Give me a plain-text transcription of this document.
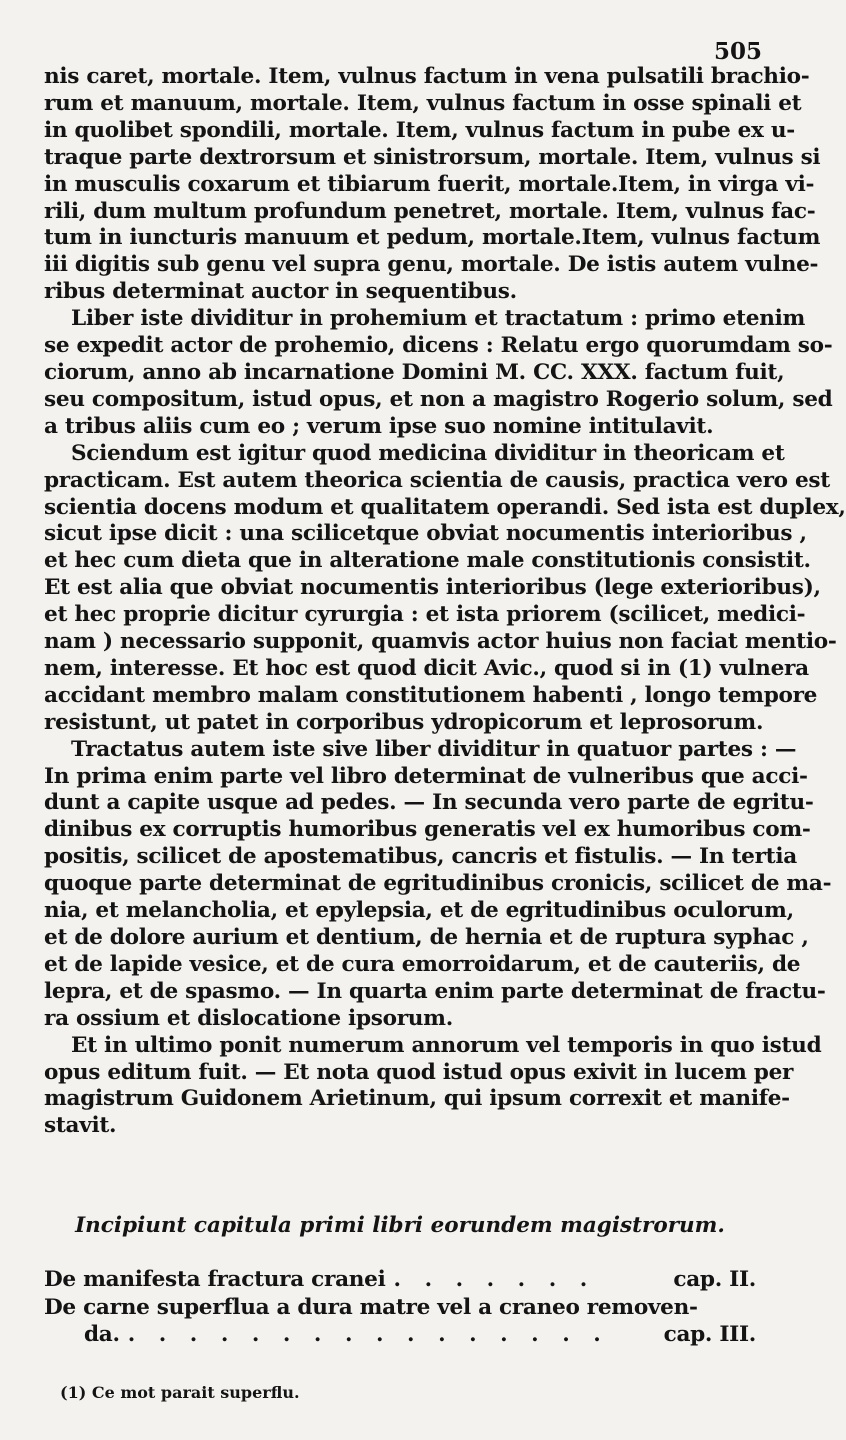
505
nis caret, mortale. Item, vulnus factum in vena pulsatili brachio-
rum et manuum, mortale. Item, vulnus factum in osse spinali et
in quolibet spondili, mortale. Item, vulnus factum in pube ex u-
traque parte dextrorsum et sinistrorsum, mortale. Item, vulnus si
in musculis coxarum et tibiarum fuerit, mortale.Item, in virga vi-
rili, dum multum profundum penetret, mortale. Item, vulnus fac-
tum in iuncturis manuum et pedum, mortale.Item, vulnus factum
iii digitis sub genu vel supra genu, mortale. De istis autem vulne-
ribus determinat auctor in sequentibus.
Liber iste dividitur in prohemium et tractatum : primo etenim
se expedit actor de prohemio, dicens : Relatu ergo quorumdam so-
ciorum, anno ab incarnatione Domini M. CC. XXX. factum fuit,
seu compositum, istud opus, et non a magistro Rogerio solum, sed
a tribus aliis cum eo ; verum ipse suo nomine intitulavit.
Sciendum est igitur quod medicina dividitur in theoricam et
practicam. Est autem theorica scientia de causis, practica vero est
scientia docens modum et qualitatem operandi. Sed ista est duplex,
sicut ipse dicit : una scilicetque obviat nocumentis interioribus ,
et hec cum dieta que in alteratione male constitutionis consistit.
Et est alia que obviat nocumentis interioribus (lege exterioribus),
et hec proprie dicitur cyrurgia : et ista priorem (scilicet, medici-
nam ) necessario supponit, quamvis actor huius non faciat mentio-
nem, interesse. Et hoc est quod dicit Avic., quod si in (1) vulnera
accidant membro malam constitutionem habenti , longo tempore
resistunt, ut patet in corporibus ydropicorum et leprosorum.
Tractatus autem iste sive liber dividitur in quatuor partes : —
In prima enim parte vel libro determinat de vulneribus que acci-
dunt a capite usque ad pedes. — In secunda vero parte de egritu-
dinibus ex corruptis humoribus generatis vel ex humoribus com-
positis, scilicet de apostematibus, cancris et fistulis. — In tertia
quoque parte determinat de egritudinibus cronicis, scilicet de ma-
nia, et melancholia, et epylepsia, et de egritudinibus oculorum,
et de dolore aurium et dentium, de hernia et de ruptura syphac ,
et de lapide vesice, et de cura emorroidarum, et de cauteriis, de
lepra, et de spasmo. — In quarta enim parte determinat de fractu-
ra ossium et dislocatione ipsorum.
Et in ultimo ponit numerum annorum vel temporis in quo istud
opus editum fuit. — Et nota quod istud opus exivit in lucem per
magistrum Guidonem Arietinum, qui ipsum correxit et manife-
stavit.
Incipiunt capitula primi libri eorundem magistrorum.
De manifesta fractura cranei . . . . . . .	cap. II.
De carne superflua a dura matre vel a craneo removen-
da. . . . . . . . . . . . . . . . .	cap. III.
(1) Ce mot parait superflu.
